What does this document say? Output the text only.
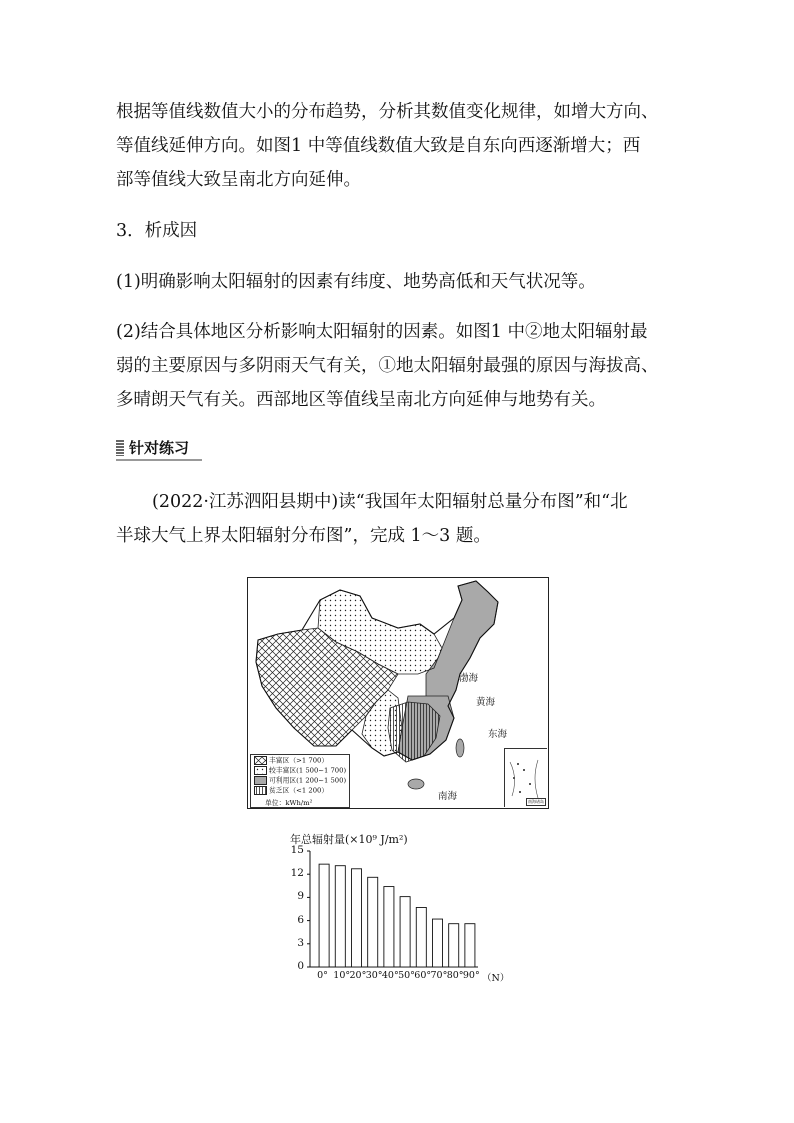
根据等值线数值大小的分布趋势，分析其数值变化规律，如增大方向、
等值线延伸方向。如图1 中等值线数值大致是自东向西逐渐增大；西
部等值线大致呈南北方向延伸。
3．析成因
(1)明确影响太阳辐射的因素有纬度、地势高低和天气状况等。
(2)结合具体地区分析影响太阳辐射的因素。如图1 中②地太阳辐射最
弱的主要原因与多阴雨天气有关，①地太阳辐射最强的原因与海拔高、
多晴朗天气有关。西部地区等值线呈南北方向延伸与地势有关。
针对练习
(2022·江苏泗阳县期中)读“我国年太阳辐射总量分布图”和“北
半球大气上界太阳辐射分布图”，完成 1～3 题。
渤海
黄海
东海
南海
丰富区（>1 700）
较丰富区(1 500~1 700)
可利用区(1 200~1 500)
贫乏区（<1 200）
单位：kWh/m²	南海诸岛
年总辐射量(×10⁹ J/m²)
0
3
6
9
12
15
0° 10° 20° 30° 40° 50° 60° 70° 80° 90° （N）
